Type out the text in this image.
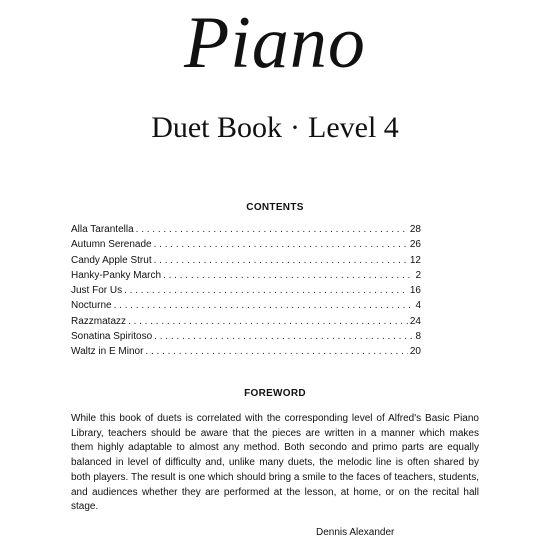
Piano
Duet Book · Level 4
CONTENTS
Alla Tarantella . . .	28
Autumn Serenade . . .	26
Candy Apple Strut . . .	12
Hanky-Panky March . . .	2
Just For Us . . .	16
Nocturne . . .	4
Razzmatazz . . .	24
Sonatina Spiritoso . . .	8
Waltz in E Minor . . .	20
FOREWORD

While this book of duets is correlated with the corresponding level of Alfred's Basic Piano Library, teachers should be aware that the pieces are written in a manner which makes them highly adaptable to almost any method. Both secondo and primo parts are equally balanced in level of difficulty and, unlike many duets, the melodic line is often shared by both players. The result is one which should bring a smile to the faces of teachers, students, and audiences whether they are performed at the lesson, at home, or on the recital hall stage.

Dennis Alexander
